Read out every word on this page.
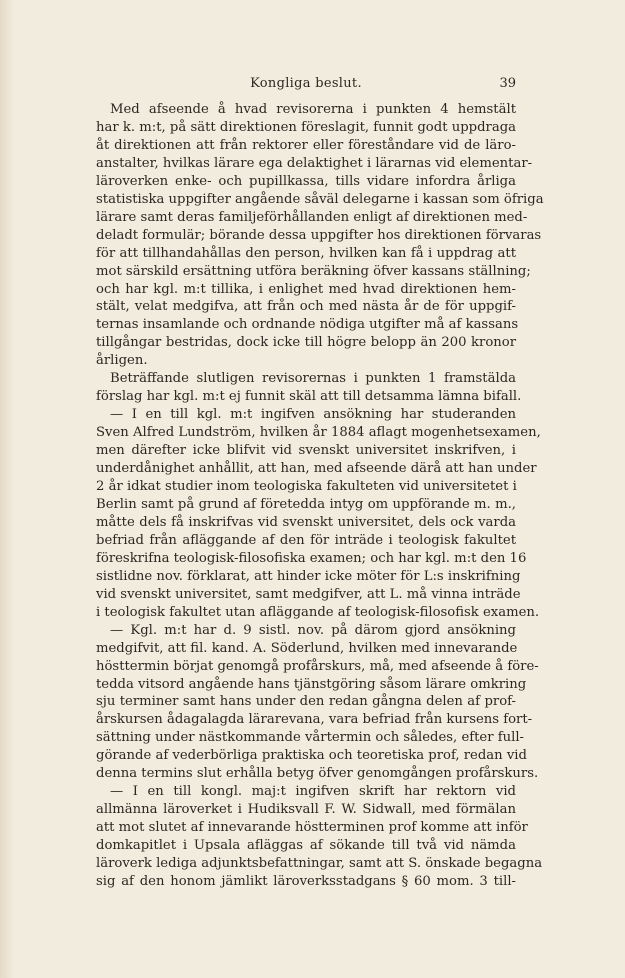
Kongliga beslut.	39
Med afseende å hvad revisorerna i punkten 4 hemstält
har k. m:t, på sätt direktionen föreslagit, funnit godt uppdraga
åt direktionen att från rektorer eller föreståndare vid de läro-
anstalter, hvilkas lärare ega delaktighet i lärarnas vid elementar-
läroverken enke- och pupillkassa, tills vidare infordra årliga
statistiska uppgifter angående såväl delegarne i kassan som öfriga
lärare samt deras familjeförhållanden enligt af direktionen med-
deladt formulär; börande dessa uppgifter hos direktionen förvaras
för att tillhandahållas den person, hvilken kan få i uppdrag att
mot särskild ersättning utföra beräkning öfver kassans ställning;
och har kgl. m:t tillika, i enlighet med hvad direktionen hem-
stält, velat medgifva, att från och med nästa år de för uppgif-
ternas insamlande och ordnande nödiga utgifter må af kassans
tillgångar bestridas, dock icke till högre belopp än 200 kronor
årligen.
Beträffande slutligen revisorernas i punkten 1 framstälda
förslag har kgl. m:t ej funnit skäl att till detsamma lämna bifall.
— I en till kgl. m:t ingifven ansökning har studeranden
Sven Alfred Lundström, hvilken år 1884 aflagt mogenhetsexamen,
men därefter icke blifvit vid svenskt universitet inskrifven, i
underdånighet anhållit, att han, med afseende därå att han under
2 år idkat studier inom teologiska fakulteten vid universitetet i
Berlin samt på grund af företedda intyg om uppförande m. m.,
måtte dels få inskrifvas vid svenskt universitet, dels ock varda
befriad från afläggande af den för inträde i teologisk fakultet
föreskrifna teologisk-filosofiska examen; och har kgl. m:t den 16
sistlidne nov. förklarat, att hinder icke möter för L:s inskrifning
vid svenskt universitet, samt medgifver, att L. må vinna inträde
i teologisk fakultet utan afläggande af teologisk-filosofisk examen.
— Kgl. m:t har d. 9 sistl. nov. på därom gjord ansökning
medgifvit, att fil. kand. A. Söderlund, hvilken med innevarande
hösttermin börjat genomgå profårskurs, må, med afseende å före-
tedda vitsord angående hans tjänstgöring såsom lärare omkring
sju terminer samt hans under den redan gångna delen af prof-
årskursen ådagalagda lärarevana, vara befriad från kursens fort-
sättning under nästkommande vårtermin och således, efter full-
görande af vederbörliga praktiska och teoretiska prof, redan vid
denna termins slut erhålla betyg öfver genomgången profårskurs.
— I en till kongl. maj:t ingifven skrift har rektorn vid
allmänna läroverket i Hudiksvall F. W. Sidwall, med förmälan
att mot slutet af innevarande höstterminen prof komme att inför
domkapitlet i Upsala afläggas af sökande till två vid nämda
läroverk lediga adjunktsbefattningar, samt att S. önskade begagna
sig af den honom jämlikt läroverksstadgans § 60 mom. 3 till-
